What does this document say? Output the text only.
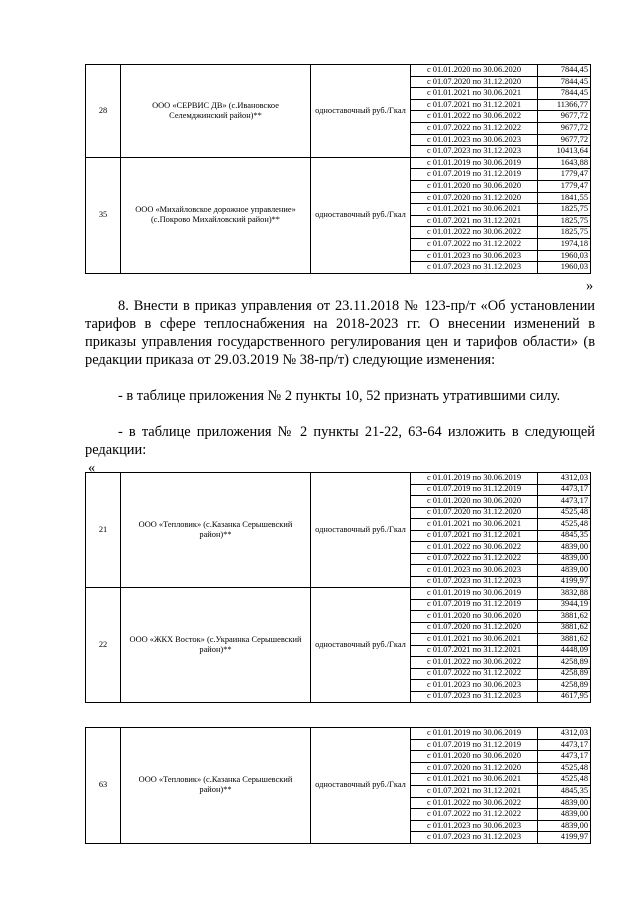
28	ООО «СЕРВИС ДВ» (с.Ивановское Селемджинский район)**	одноставочный руб./Гкал	с 01.01.2020 по 30.06.2020	7844,45
			с 01.07.2020 по 31.12.2020	7844,45
			с 01.01.2021 по 30.06.2021	7844,45
			с 01.07.2021 по 31.12.2021	11366,77
			с 01.01.2022 по 30.06.2022	9677,72
			с 01.07.2022 по 31.12.2022	9677,72
			с 01.01.2023 по 30.06.2023	9677,72
			с 01.07.2023 по 31.12.2023	10413,64
35	ООО «Михайловское дорожное управление» (с.Покрово Михайловский район)**	одноставочный руб./Гкал	с 01.01.2019 по 30.06.2019	1643,88
			с 01.07.2019 по 31.12.2019	1779,47
			с 01.01.2020 по 30.06.2020	1779,47
			с 01.07.2020 по 31.12.2020	1841,55
			с 01.01.2021 по 30.06.2021	1825,75
			с 01.07.2021 по 31.12.2021	1825,75
			с 01.01.2022 по 30.06.2022	1825,75
			с 01.07.2022 по 31.12.2022	1974,18
			с 01.01.2023 по 30.06.2023	1960,03
			с 01.07.2023 по 31.12.2023	1960,03
»
8. Внести в приказ управления от 23.11.2018 № 123-пр/т «Об установлении тарифов в сфере теплоснабжения на 2018-2023 гг. О внесении изменений в приказы управления государственного регулирования цен и тарифов области» (в редакции приказа от 29.03.2019 № 38-пр/т) следующие изменения:
- в таблице приложения № 2 пункты 10, 52 признать утратившими силу.
- в таблице приложения № 2 пункты 21-22, 63-64 изложить в следующей редакции:
«
21	ООО «Тепловик» (с.Казанка Серышевский район)**	одноставочный руб./Гкал	с 01.01.2019 по 30.06.2019	4312,03
			с 01.07.2019 по 31.12.2019	4473,17
			с 01.01.2020 по 30.06.2020	4473,17
			с 01.07.2020 по 31.12.2020	4525,48
			с 01.01.2021 по 30.06.2021	4525,48
			с 01.07.2021 по 31.12.2021	4845,35
			с 01.01.2022 по 30.06.2022	4839,00
			с 01.07.2022 по 31.12.2022	4839,00
			с 01.01.2023 по 30.06.2023	4839,00
			с 01.07.2023 по 31.12.2023	4199,97
22	ООО «ЖКХ Восток» (с.Украинка Серышевский район)**	одноставочный руб./Гкал	с 01.01.2019 по 30.06.2019	3832,88
			с 01.07.2019 по 31.12.2019	3944,19
			с 01.01.2020 по 30.06.2020	3881,62
			с 01.07.2020 по 31.12.2020	3881,62
			с 01.01.2021 по 30.06.2021	3881,62
			с 01.07.2021 по 31.12.2021	4448,09
			с 01.01.2022 по 30.06.2022	4258,89
			с 01.07.2022 по 31.12.2022	4258,89
			с 01.01.2023 по 30.06.2023	4258,89
			с 01.07.2023 по 31.12.2023	4617,95
63	ООО «Тепловик» (с.Казанка Серышевский район)**	одноставочный руб./Гкал	с 01.01.2019 по 30.06.2019	4312,03
			с 01.07.2019 по 31.12.2019	4473,17
			с 01.01.2020 по 30.06.2020	4473,17
			с 01.07.2020 по 31.12.2020	4525,48
			с 01.01.2021 по 30.06.2021	4525,48
			с 01.07.2021 по 31.12.2021	4845,35
			с 01.01.2022 по 30.06.2022	4839,00
			с 01.07.2022 по 31.12.2022	4839,00
			с 01.01.2023 по 30.06.2023	4839,00
			с 01.07.2023 по 31.12.2023	4199,97
